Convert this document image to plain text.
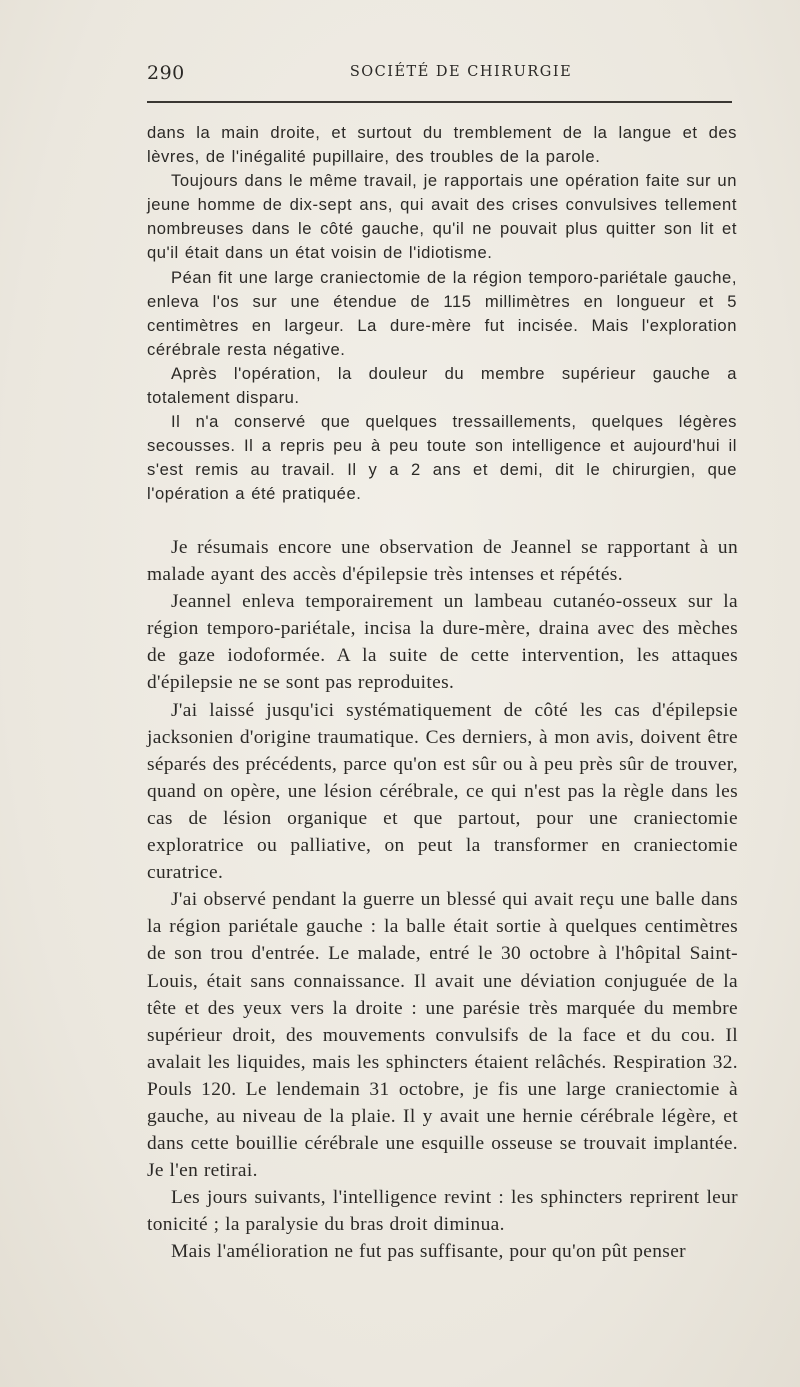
290	SOCIÉTÉ DE CHIRURGIE

dans la main droite, et surtout du tremblement de la langue et des lèvres, de l'inégalité pupillaire, des troubles de la parole.

Toujours dans le même travail, je rapportais une opération faite sur un jeune homme de dix-sept ans, qui avait des crises convulsives tellement nombreuses dans le côté gauche, qu'il ne pouvait plus quitter son lit et qu'il était dans un état voisin de l'idiotisme.

Péan fit une large craniectomie de la région temporo-pariétale gauche, enleva l'os sur une étendue de 115 millimètres en longueur et 5 centimètres en largeur. La dure-mère fut incisée. Mais l'exploration cérébrale resta négative.

Après l'opération, la douleur du membre supérieur gauche a totalement disparu.

Il n'a conservé que quelques tressaillements, quelques légères secousses. Il a repris peu à peu toute son intelligence et aujourd'hui il s'est remis au travail. Il y a 2 ans et demi, dit le chirurgien, que l'opération a été pratiquée.

Je résumais encore une observation de Jeannel se rapportant à un malade ayant des accès d'épilepsie très intenses et répétés.

Jeannel enleva temporairement un lambeau cutanéo-osseux sur la région temporo-pariétale, incisa la dure-mère, draina avec des mèches de gaze iodoformée. A la suite de cette intervention, les attaques d'épilepsie ne se sont pas reproduites.

J'ai laissé jusqu'ici systématiquement de côté les cas d'épilepsie jacksonien d'origine traumatique. Ces derniers, à mon avis, doivent être séparés des précédents, parce qu'on est sûr ou à peu près sûr de trouver, quand on opère, une lésion cérébrale, ce qui n'est pas la règle dans les cas de lésion organique et que partout, pour une craniectomie exploratrice ou palliative, on peut la transformer en craniectomie curatrice.

J'ai observé pendant la guerre un blessé qui avait reçu une balle dans la région pariétale gauche : la balle était sortie à quelques centimètres de son trou d'entrée. Le malade, entré le 30 octobre à l'hôpital Saint-Louis, était sans connaissance. Il avait une déviation conjuguée de la tête et des yeux vers la droite : une parésie très marquée du membre supérieur droit, des mouvements convulsifs de la face et du cou. Il avalait les liquides, mais les sphincters étaient relâchés. Respiration 32. Pouls 120. Le lendemain 31 octobre, je fis une large craniectomie à gauche, au niveau de la plaie. Il y avait une hernie cérébrale légère, et dans cette bouillie cérébrale une esquille osseuse se trouvait implantée. Je l'en retirai.

Les jours suivants, l'intelligence revint : les sphincters reprirent leur tonicité ; la paralysie du bras droit diminua.

Mais l'amélioration ne fut pas suffisante, pour qu'on pût penser
